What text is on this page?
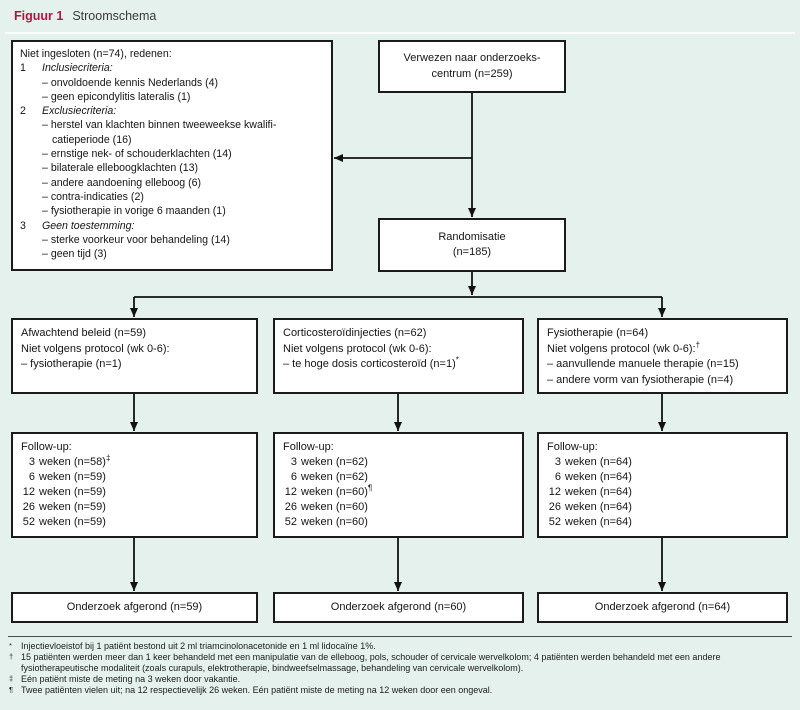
Figuur 1 Stroomschema
Niet ingesloten (n=74), redenen:
1	Inclusiecriteria:
– onvoldoende kennis Nederlands (4)
– geen epicondylitis lateralis (1)
2	Exclusiecriteria:
– herstel van klachten binnen tweeweekse kwalifi-
catieperiode (16)
– ernstige nek- of schouderklachten (14)
– bilaterale elleboogklachten (13)
– andere aandoening elleboog (6)
– contra-indicaties (2)
– fysiotherapie in vorige 6 maanden (1)
3	Geen toestemming:
– sterke voorkeur voor behandeling (14)
– geen tijd (3)
Verwezen naar onderzoeks-
centrum (n=259)
Randomisatie
(n=185)
Afwachtend beleid (n=59)
Niet volgens protocol (wk 0-6):
– fysiotherapie (n=1)
Corticosteroïdinjecties (n=62)
Niet volgens protocol (wk 0-6):
– te hoge dosis corticosteroïd (n=1)*
Fysiotherapie (n=64)
Niet volgens protocol (wk 0-6):†
– aanvullende manuele therapie (n=15)
– andere vorm van fysiotherapie (n=4)
Follow-up:
3 weken (n=58)‡
6 weken (n=59)
12 weken (n=59)
26 weken (n=59)
52 weken (n=59)
Follow-up:
3 weken (n=62)
6 weken (n=62)
12 weken (n=60)¶
26 weken (n=60)
52 weken (n=60)
Follow-up:
3 weken (n=64)
6 weken (n=64)
12 weken (n=64)
26 weken (n=64)
52 weken (n=64)
Onderzoek afgerond (n=59)	Onderzoek afgerond (n=60)	Onderzoek afgerond (n=64)
*	Injectievloeistof bij 1 patiënt bestond uit 2 ml triamcinolonacetonide en 1 ml lidocaïne 1%.
† 15 patiënten werden meer dan 1 keer behandeld met een manipulatie van de elleboog, pols, schouder of cervicale wervelkolom; 4 patiënten werden behandeld met een andere fysiotherapeutische modaliteit (zoals curapuls, elektrotherapie, bindweefselmassage, behandeling van cervicale wervelkolom).
‡ Eén patiënt miste de meting na 3 weken door vakantie.
¶ Twee patiënten vielen uit; na 12 respectievelijk 26 weken. Eén patiënt miste de meting na 12 weken door een ongeval.
